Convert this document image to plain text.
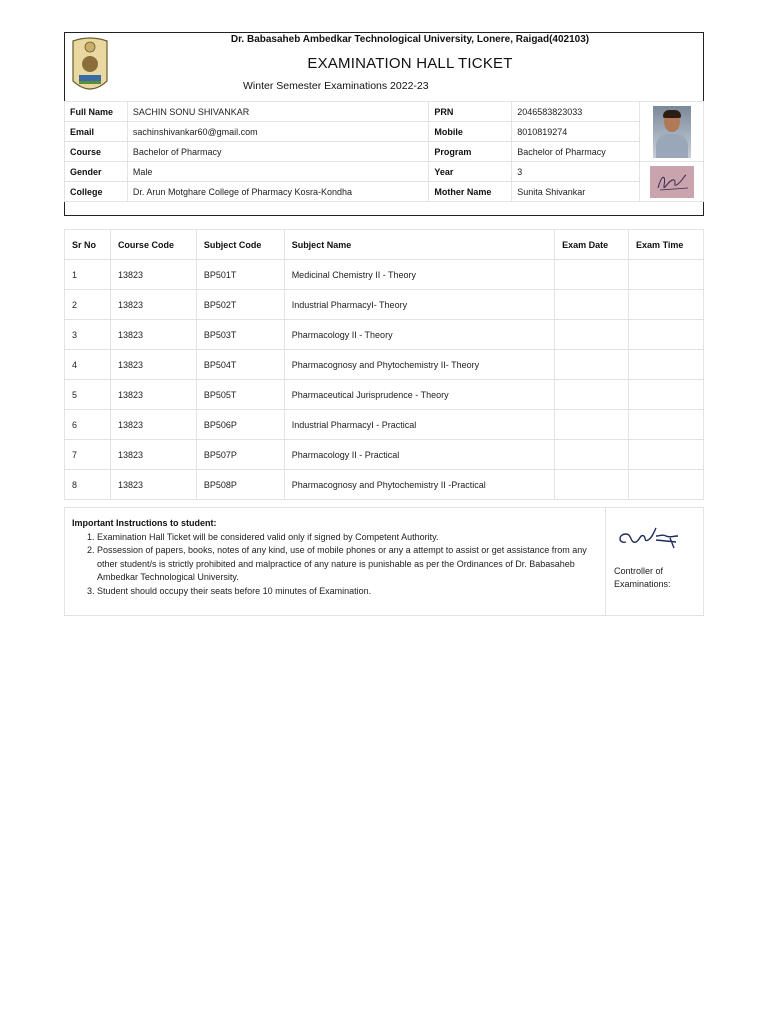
Dr. Babasaheb Ambedkar Technological University, Lonere, Raigad(402103)
EXAMINATION HALL TICKET
Winter Semester Examinations 2022-23
Full Name	SACHIN SONU SHIVANKAR	PRN	2046583823033	

Email	sachinshivankar60@gmail.com	Mobile	8010819274	
Course	Bachelor of Pharmacy	Program	Bachelor of Pharmacy	
Gender	Male	Year	3	

College	Dr. Arun Motghare College of Pharmacy Kosra-Kondha	Mother Name	Sunita Shivankar	
Sr No	Course Code	Subject Code	Subject Name	Exam Date	Exam Time
1	13823	BP501T	Medicinal Chemistry II - Theory		
2	13823	BP502T	Industrial PharmacyI- Theory		
3	13823	BP503T	Pharmacology II - Theory		
4	13823	BP504T	Pharmacognosy and Phytochemistry II- Theory		
5	13823	BP505T	Pharmaceutical Jurisprudence - Theory		
6	13823	BP506P	Industrial PharmacyI - Practical		
7	13823	BP507P	Pharmacology II - Practical		
8	13823	BP508P	Pharmacognosy and Phytochemistry II -Practical		
Important Instructions to student:
1. Examination Hall Ticket will be considered valid only if signed by Competent Authority.
2. Possession of papers, books, notes of any kind, use of mobile phones or any a attempt to assist or get assistance from any other student/s is strictly prohibited and malpractice of any nature is punishable as per the Ordinances of Dr. Babasaheb Ambedkar Technological University.
3. Student should occupy their seats before 10 minutes of Examination.
Controller of Examinations:
